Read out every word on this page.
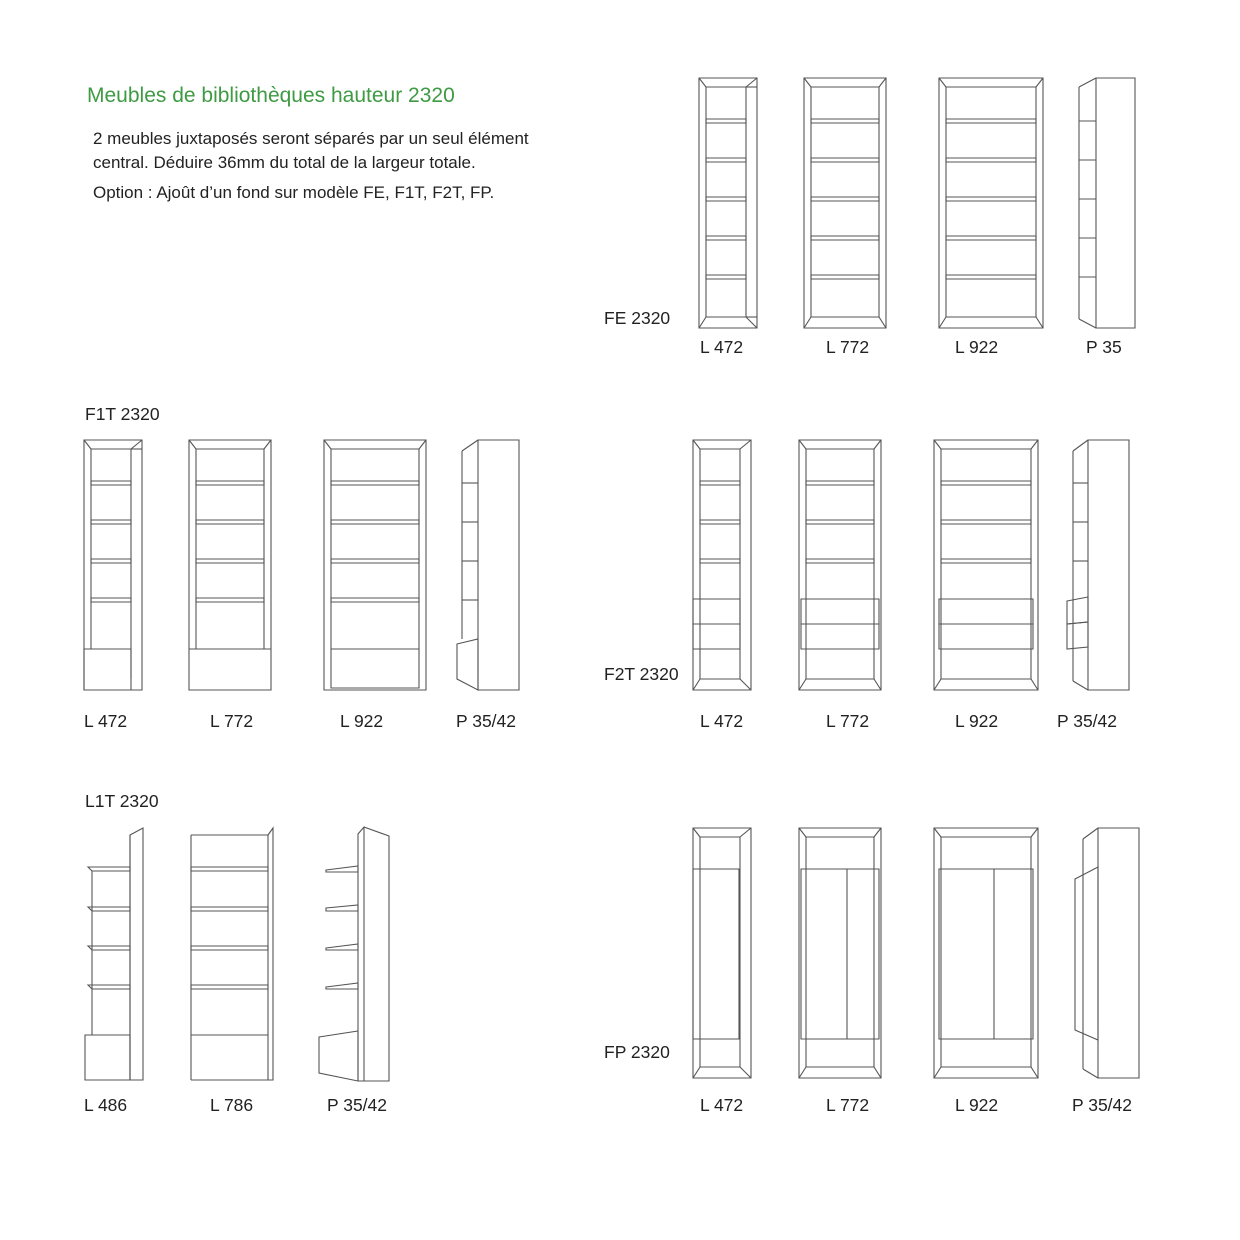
Meubles de bibliothèques hauteur 2320
2 meubles juxtaposés seront séparés par un seul élément
central. Déduire 36mm du total de la largeur totale.
Option : Ajoût d’un fond sur modèle FE, F1T, F2T, FP.
FE 2320
F1T 2320
F2T 2320
L1T 2320
FP 2320
L 472	L 772	L 922	P 35
L 472	L 772	L 922	P 35/42	L 472	L 772	L 922	P 35/42
L 486	L 786	P 35/42	L 472	L 772	L 922	P 35/42
